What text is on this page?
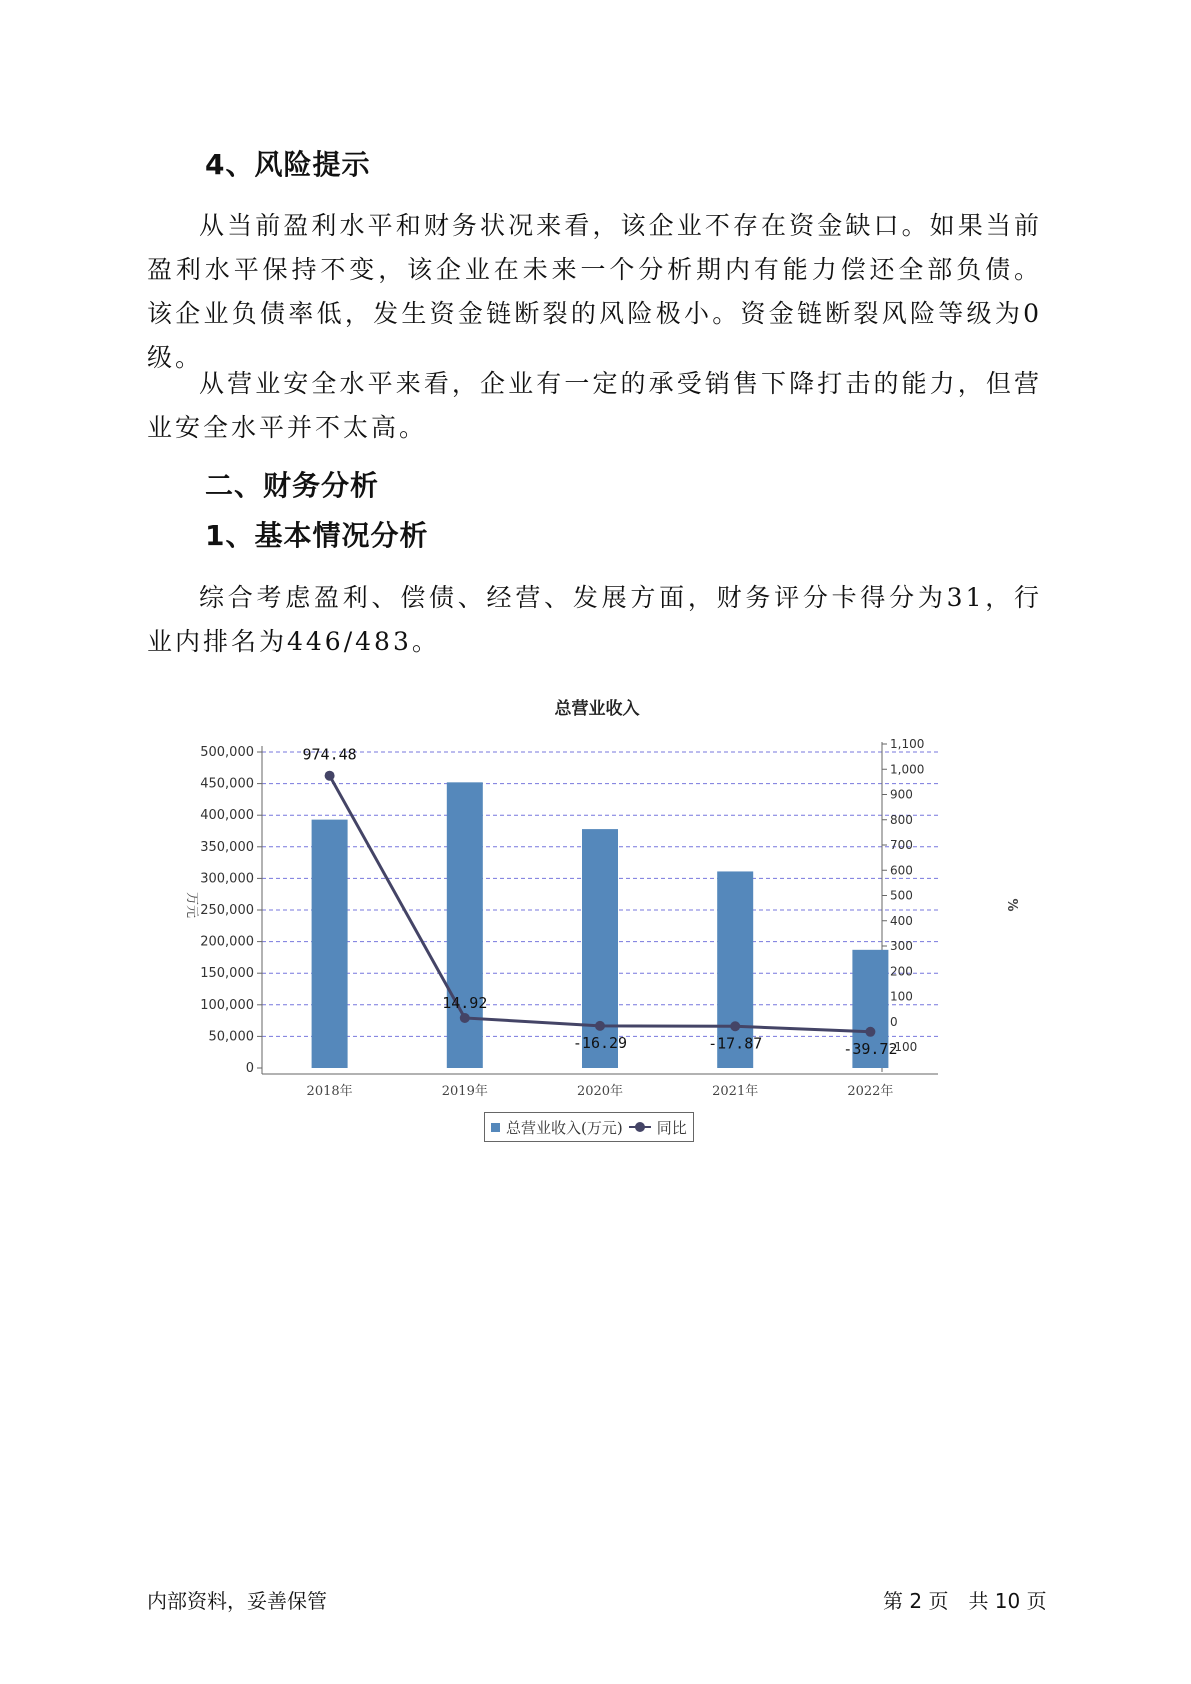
4、风险提示

从当前盈利水平和财务状况来看，该企业不存在资金缺口。如果当前盈利水平保持不变，该企业在未来一个分析期内有能力偿还全部负债。该企业负债率低，发生资金链断裂的风险极小。资金链断裂风险等级为0级。

从营业安全水平来看，企业有一定的承受销售下降打击的能力，但营业安全水平并不太高。

二、财务分析
1、基本情况分析

综合考虑盈利、偿债、经营、发展方面，财务评分卡得分为31，行业内排名为446/483。

总营业收入
万元	%
500,000
450,000
400,000
350,000
300,000
250,000
200,000
150,000
100,000
50,000
0
1,100
1,000
900
800
700
600
500
400
300
200
100
0
-100
2018年	2019年	2020年	2021年	2022年
974.48
14.92
-16.29	-17.87	-39.72
总营业收入(万元) 同比
内部资料，妥善保管	第 2 页　共 10 页
